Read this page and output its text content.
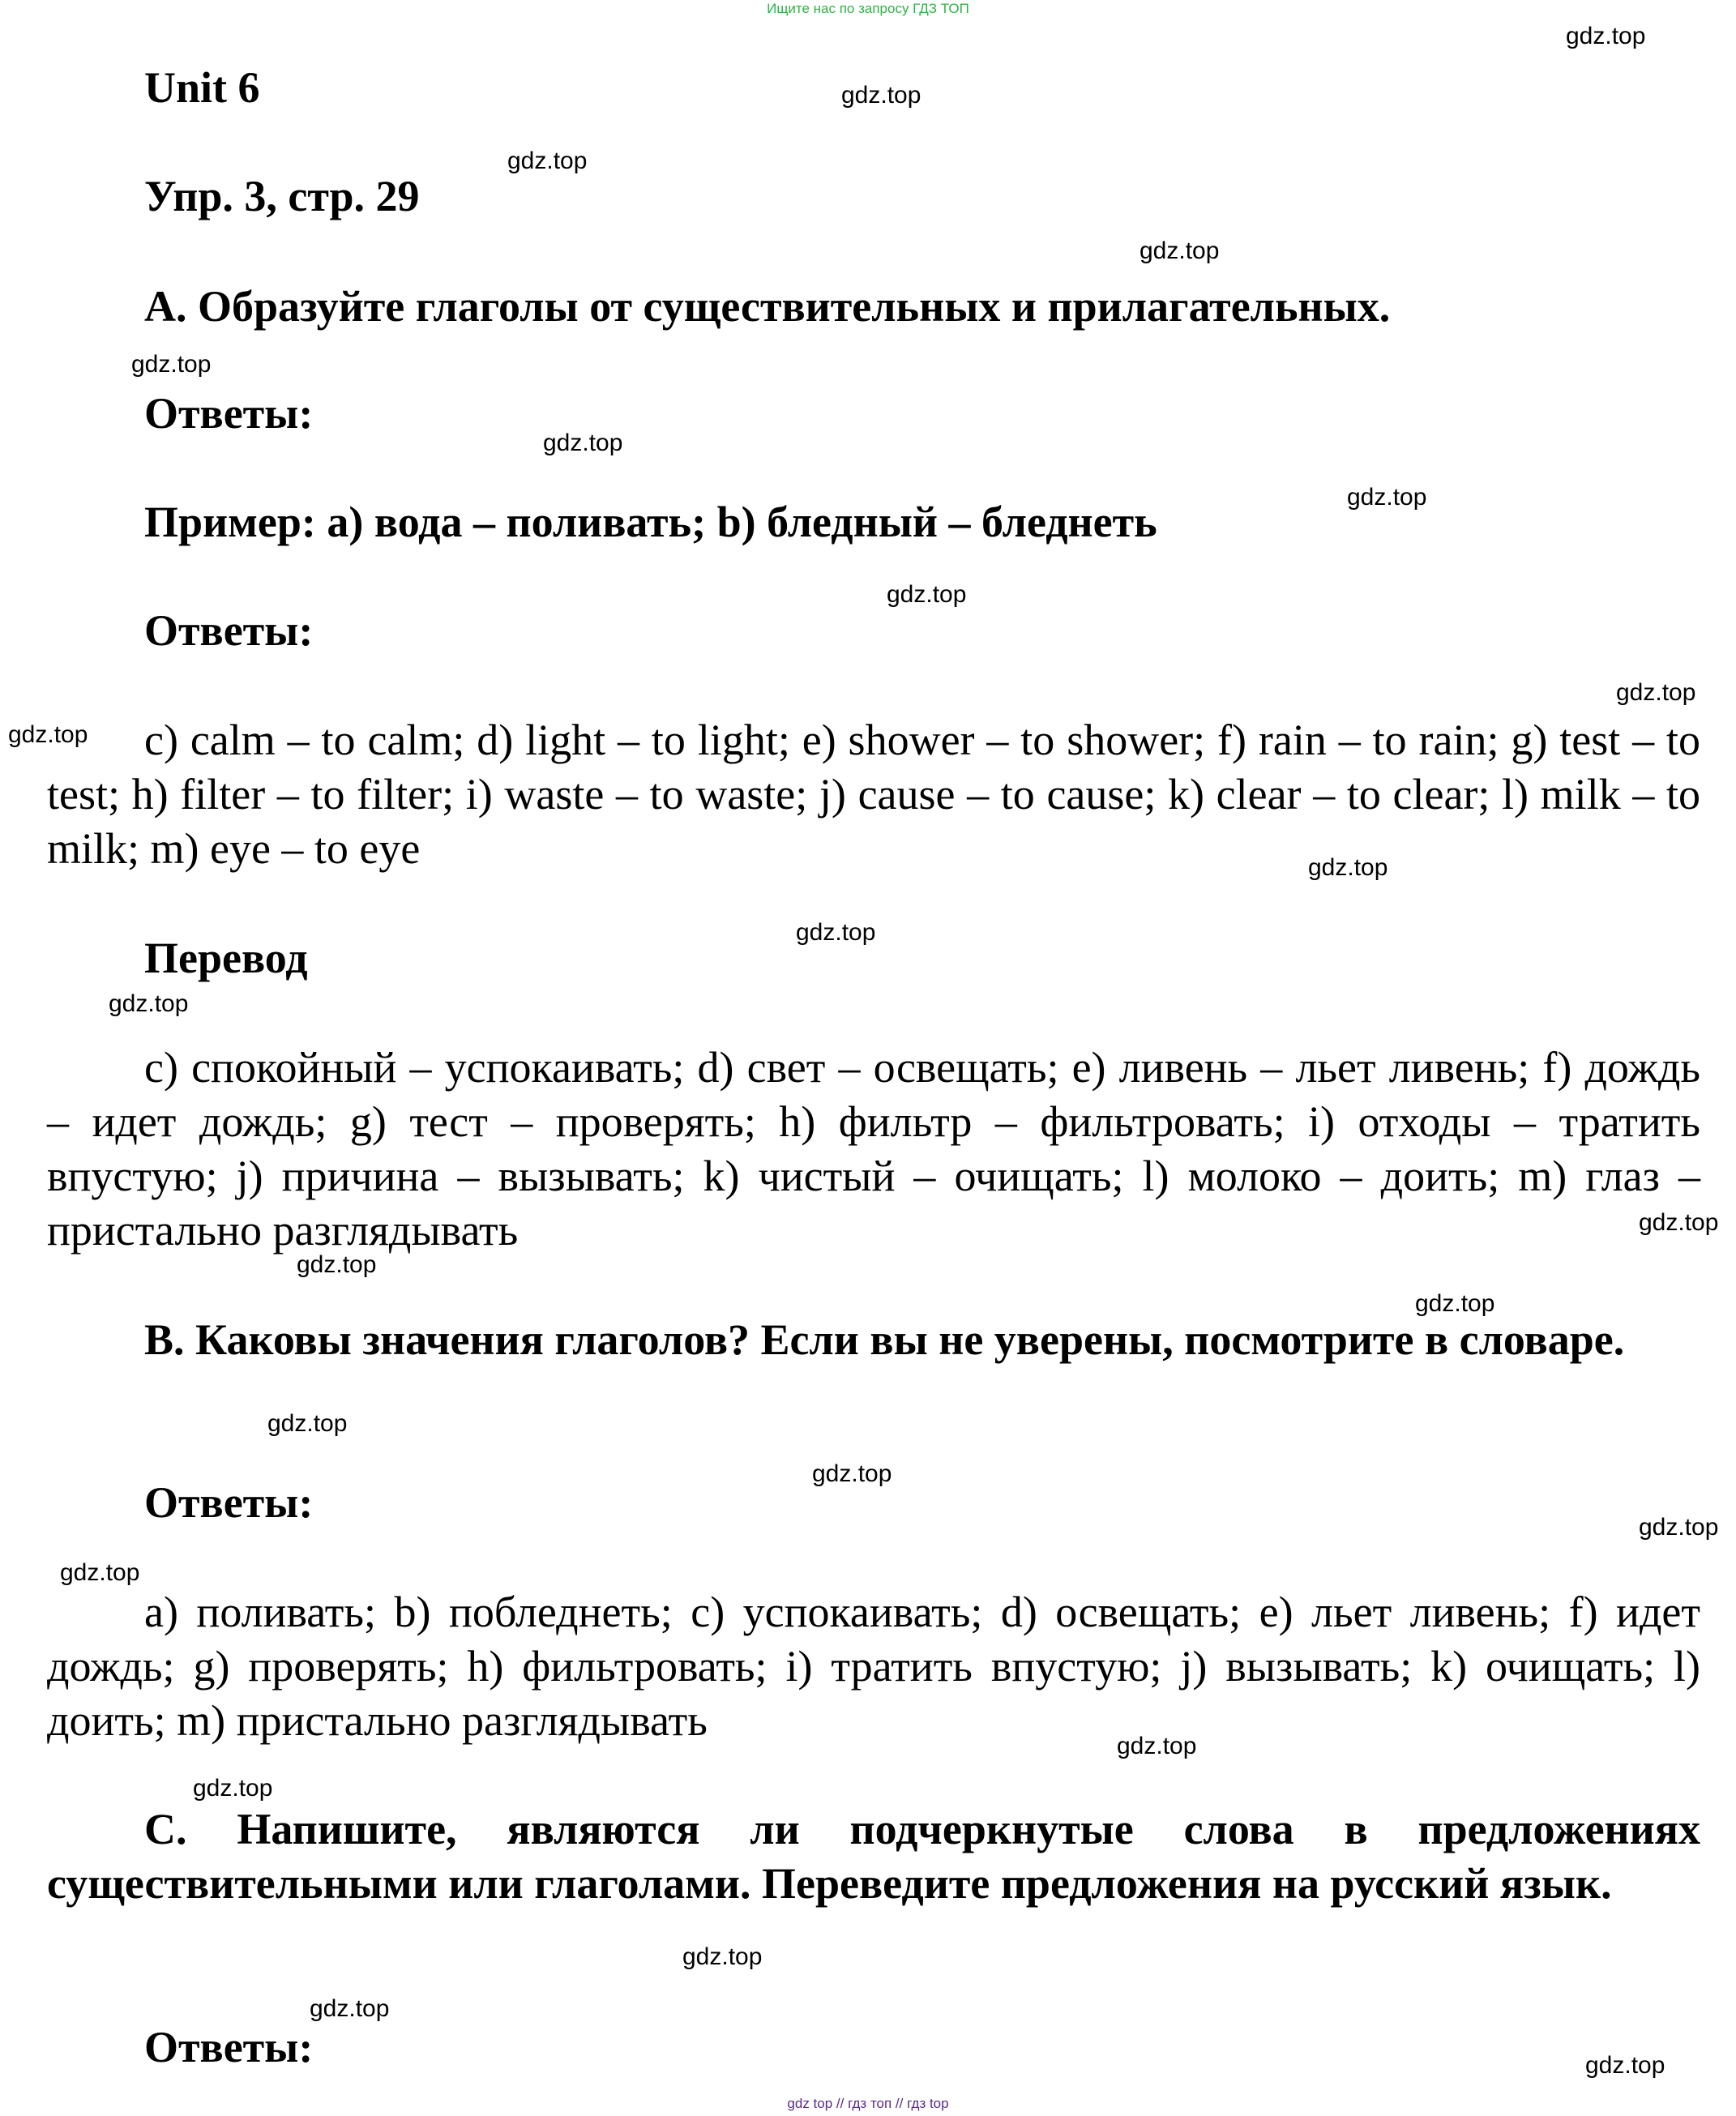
Ищите нас по запросу ГДЗ ТОП
Unit 6
Упр. 3, стр. 29
A. Образуйте глаголы от существительных и прилагательных.
Ответы:
Пример: a) вода – поливать; b) бледный – бледнеть
Ответы:
c) calm – to calm; d) light – to light; e) shower – to shower; f) rain – to rain; g) test – to test; h) filter – to filter; i) waste – to waste; j) cause – to cause; k) clear – to clear; l) milk – to milk; m) eye – to eye
Перевод
c) спокойный – успокаивать; d) свет – освещать; e) ливень – льет ливень; f) дождь – идет дождь; g) тест – проверять; h) фильтр – фильтровать; i) отходы – тратить впустую; j) причина – вызывать; k) чистый – очищать; l) молоко – доить; m) глаз – пристально разглядывать
B. Каковы значения глаголов? Если вы не уверены, посмотрите в словаре.
Ответы:
a) поливать; b) побледнеть; c) успокаивать; d) освещать; e) льет ливень; f) идет дождь; g) проверять; h) фильтровать; i) тратить впустую; j) вызывать; k) очищать; l) доить; m) пристально разглядывать
C. Напишите, являются ли подчеркнутые слова в предложениях существительными или глаголами. Переведите предложения на русский язык.
Ответы:
gdz.top
gdz.top
gdz.top
gdz.top
gdz.top
gdz.top
gdz.top
gdz.top
gdz.top
gdz.top
gdz.top
gdz.top
gdz.top
gdz.top
gdz.top
gdz.top
gdz.top
gdz.top
gdz.top
gdz.top
gdz.top
gdz.top
gdz.top
gdz.top
gdz.top
gdz top // гдз топ // гдз top
